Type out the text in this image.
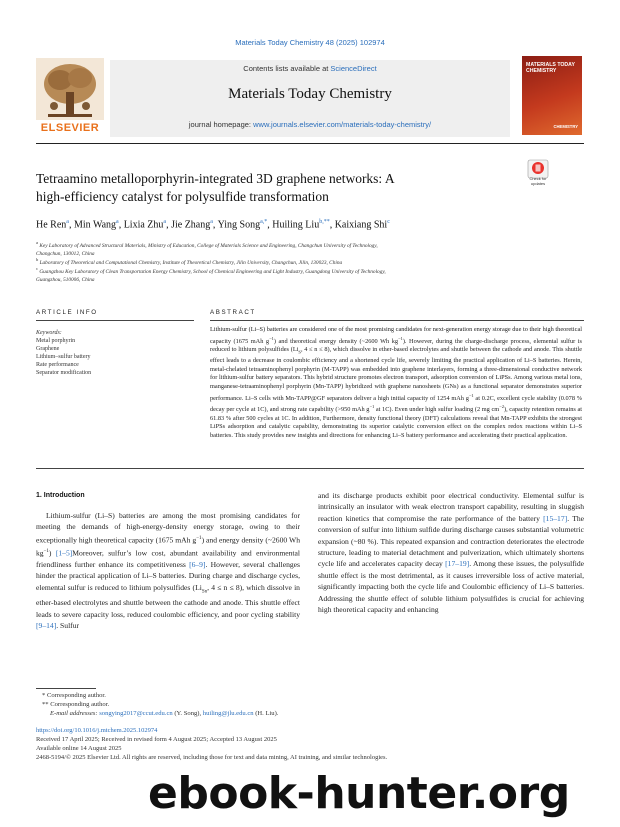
Materials Today Chemistry 48 (2025) 102974
Contents lists available at ScienceDirect
Materials Today Chemistry
journal homepage: www.journals.elsevier.com/materials-today-chemistry/
ELSEVIER
MATERIALS TODAY CHEMISTRY
CHEMISTRY
Tetraamino metalloporphyrin-integrated 3D graphene networks: A
high-efficiency catalyst for polysulfide transformation
Check for
updates
He Ren$^a$, Min Wang$^a$, Lixia Zhu$^a$, Jie Zhang$^a$, Ying Song$^{a,*}$, Huiling Liu$^{b,**}$, Kaixiang Shi$^c$
$^a$ Key Laboratory of Advanced Structural Materials, Ministry of Education, College of Materials Science and Engineering, Changchun University of Technology,
Changchun, 130012, China
$^b$ Laboratory of Theoretical and Computational Chemistry, Institute of Theoretical Chemistry, Jilin University, Changchun, Jilin, 130023, China
$^c$ Guangzhou Key Laboratory of Clean Transportation Energy Chemistry, School of Chemical Engineering and Light Industry, Guangdong University of Technology,
Guangzhou, 510006, China
ARTICLE INFO	ABSTRACT
Keywords:
Metal porphyrin
Graphene
Lithium–sulfur battery
Rate performance
Separator modification
Lithium-sulfur (Li–S) batteries are considered one of the most promising candidates for next-generation energy storage due to their high theoretical capacity (1675 mAh $g^{-1}$) and theoretical energy density (~2600 Wh $kg^{-1}$). However, during the charge-discharge process, elemental sulfur is reduced to lithium polysulfides ($Li_S$, 4 ≤ n ≤ 8), which dissolve in ether-based electrolytes and shuttle between the cathode and anode. This shuttle effect leads to a decrease in coulombic efficiency and a shortened cycle life, severely limiting the practical application of Li–S batteries. Herein, metal-chelated tetraaminophenyl porphyrin (M-TAPP) was embedded into graphene interlayers, forming a three-dimensional conductive network for lithium-sulfur battery separators. This hybrid structure promotes electron transport, adsorption conversion of LiPSs. Among various metal ions, manganese-tetraaminophenyl porphyrin (Mn-TAPP) hybridized with graphene nanosheets (GNs) as a functional separator demonstrates superior performance. Li–S cells with Mn-TAPP@GF separators deliver a high initial capacity of 1254 mAh $g^{-1}$ at 0.2C, excellent cycle stability (0.078 % decay per cycle at 1C), and strong rate capability (>950 mAh $g^{-1}$ at 1C). Even under high sulfur loading (2 mg $cm^{-2}$), capacity retention remains at 61.83 % after 500 cycles at 1C. In addition, Furthermore, density functional theory (DFT) calculations reveal that Mn-TAPP exhibits the strongest LiPSs adsorption and catalytic capability, demonstrating its superior catalytic conversion effect on the complex redox reactions within Li–S batteries. This study provides new insights and directions for enhancing Li–S battery performance and accelerating their practical application.
1. Introduction
Lithium-sulfur (Li–S) batteries are among the most promising candidates for meeting the demands of high-energy-density energy storage, owing to their exceptionally high theoretical capacity (1675 mAh $g^{-1}$) and energy density (~2600 Wh $kg^{-1}$) [1–5]Moreover, sulfur’s low cost, abundant availability and environmental friendliness further enhance its competitiveness [6–9]. However, several challenges hinder the practical application of Li–S batteries. During charge and discharge cycles, elemental sulfur is reduced to lithium polysulfides ($Li_{Sn}$, 4 ≤ n ≤ 8), which dissolve in ether-based electrolytes and shuttle between the cathode and anode. This shuttle effect leads to severe capacity loss, reduced coulombic efficiency, and poor cycling stability [9–14]. Sulfur
and its discharge products exhibit poor electrical conductivity. Elemental sulfur is intrinsically an insulator with weak electron transport capability, resulting in sluggish reaction kinetics that compromise the rate performance of the battery [15–17]. The conversion of sulfur into lithium sulfide during discharge causes substantial volumetric expansion (~80 %). This repeated expansion and contraction deteriorates the electrode structure, leading to material detachment and pulverization, which ultimately shortens cycle life and accelerates capacity decay [17–19]. Among these issues, the polysulfide shuttle effect is the most detrimental, as it causes irreversible loss of active material, significantly impacting both the cycle life and Coulombic efficiency of Li–S batteries. Addressing the shuttle effect of soluble lithium polysulfides is crucial for achieving high theoretical capacity and enhancing
* Corresponding author.
** Corresponding author.
E-mail addresses: songying2017@ccut.edu.cn (Y. Song), huiling@jlu.edu.cn (H. Liu).
https://doi.org/10.1016/j.mtchem.2025.102974
Received 17 April 2025; Received in revised form 4 August 2025; Accepted 13 August 2025
Available online 14 August 2025
2468-5194/© 2025 Elsevier Ltd. All rights are reserved, including those for text and data mining, AI training, and similar technologies.
ebook-hunter.org
